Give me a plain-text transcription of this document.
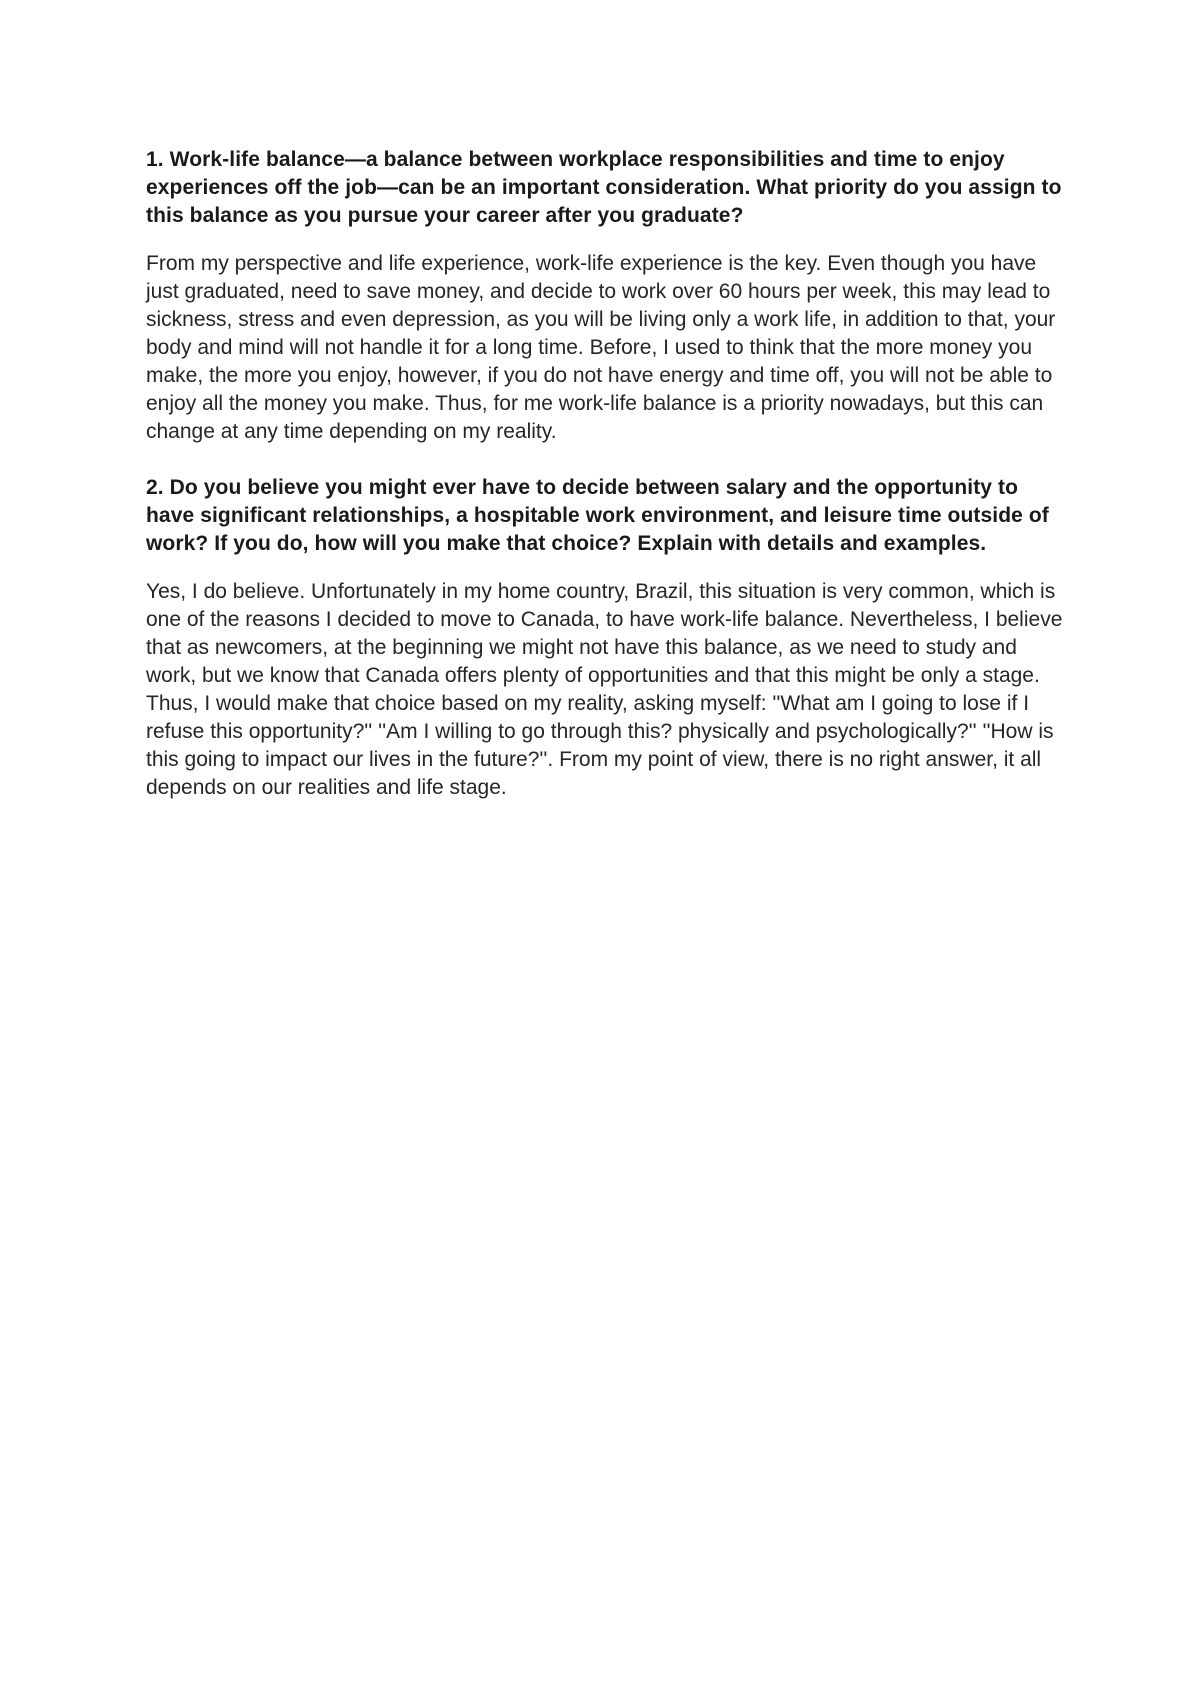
1. Work-life balance—a balance between workplace responsibilities and time to enjoy experiences off the job—can be an important consideration. What priority do you assign to this balance as you pursue your career after you graduate?

From my perspective and life experience, work-life experience is the key. Even though you have just graduated, need to save money, and decide to work over 60 hours per week, this may lead to sickness, stress and even depression, as you will be living only a work life, in addition to that, your body and mind will not handle it for a long time. Before, I used to think that the more money you make, the more you enjoy, however, if you do not have energy and time off, you will not be able to enjoy all the money you make. Thus, for me work-life balance is a priority nowadays, but this can change at any time depending on my reality.

2. Do you believe you might ever have to decide between salary and the opportunity to have significant relationships, a hospitable work environment, and leisure time outside of work? If you do, how will you make that choice? Explain with details and examples.

Yes, I do believe. Unfortunately in my home country, Brazil, this situation is very common, which is one of the reasons I decided to move to Canada, to have work-life balance. Nevertheless, I believe that as newcomers, at the beginning we might not have this balance, as we need to study and work, but we know that Canada offers plenty of opportunities and that this might be only a stage. Thus, I would make that choice based on my reality, asking myself: ''What am I going to lose if I refuse this opportunity?'' ''Am I willing to go through this? physically and psychologically?'' ''How is this going to impact our lives in the future?''. From my point of view, there is no right answer, it all depends on our realities and life stage.
